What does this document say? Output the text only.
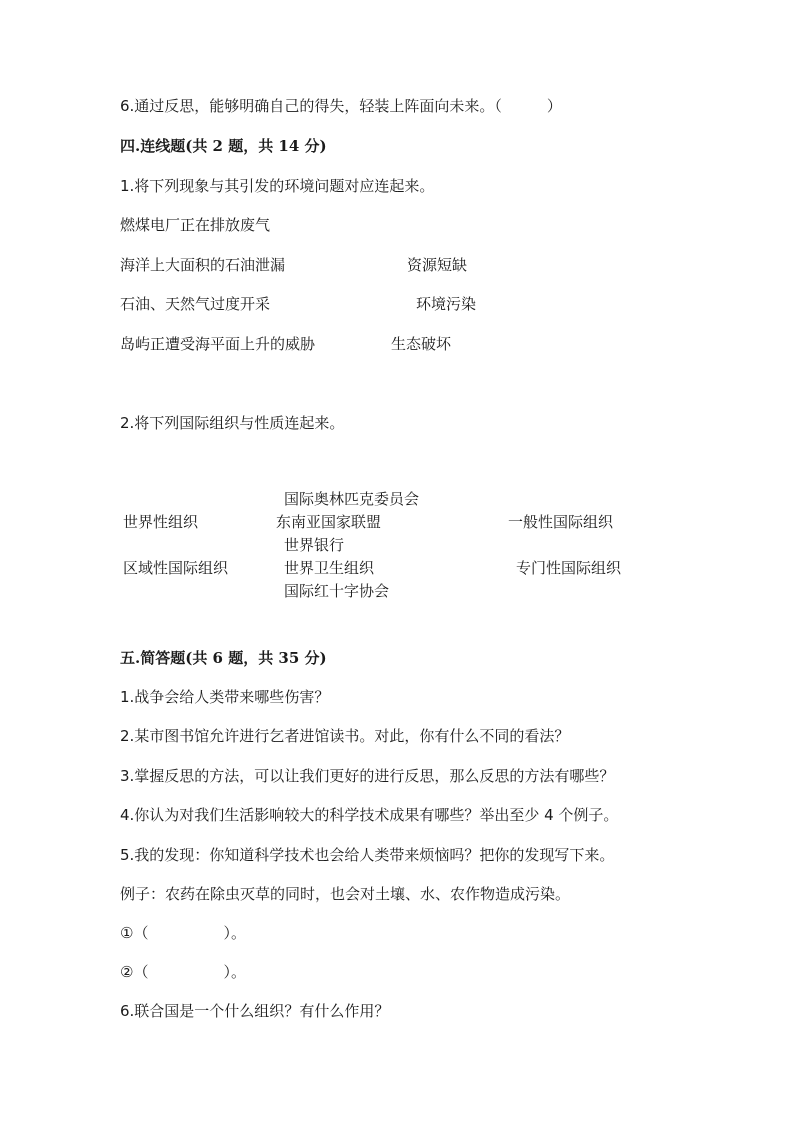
6.通过反思，能够明确自己的得失，轻装上阵面向未来。（　　　）
四.连线题(共 2 题，共 14 分)
1.将下列现象与其引发的环境问题对应连起来。
燃煤电厂正在排放废气
海洋上大面积的石油泄漏
石油、天然气过度开采
岛屿正遭受海平面上升的威胁
资源短缺
环境污染
生态破坏
2.将下列国际组织与性质连起来。
国际奥林匹克委员会
世界性组织	东南亚国家联盟	一般性国际组织
世界银行
区域性国际组织	世界卫生组织	专门性国际组织
国际红十字协会
五.简答题(共 6 题，共 35 分)
1.战争会给人类带来哪些伤害？
2.某市图书馆允许进行乞者进馆读书。对此，你有什么不同的看法？
3.掌握反思的方法，可以让我们更好的进行反思，那么反思的方法有哪些？
4.你认为对我们生活影响较大的科学技术成果有哪些？举出至少 4 个例子。
5.我的发现：你知道科学技术也会给人类带来烦恼吗？把你的发现写下来。
例子：农药在除虫灭草的同时，也会对土壤、水、农作物造成污染。
①（　　　　　）。
②（　　　　　）。
6.联合国是一个什么组织？有什么作用？
